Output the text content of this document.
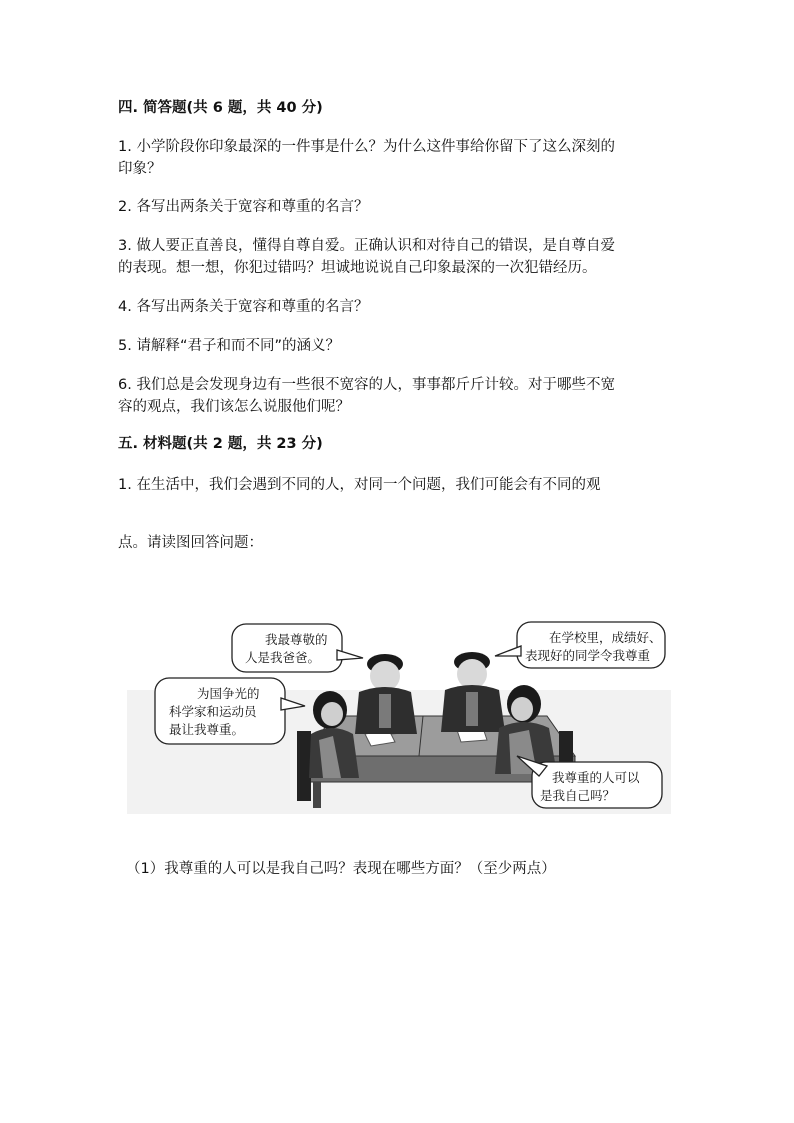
四. 简答题(共 6 题，共 40 分)
1. 小学阶段你印象最深的一件事是什么？为什么这件事给你留下了这么深刻的
印象？
2. 各写出两条关于宽容和尊重的名言？
3. 做人要正直善良，懂得自尊自爱。正确认识和对待自己的错误，是自尊自爱
的表现。想一想，你犯过错吗？坦诚地说说自己印象最深的一次犯错经历。
4. 各写出两条关于宽容和尊重的名言？
5. 请解释“君子和而不同”的涵义？
6. 我们总是会发现身边有一些很不宽容的人，事事都斤斤计较。对于哪些不宽
容的观点，我们该怎么说服他们呢？
五. 材料题(共 2 题，共 23 分)
1. 在生活中，我们会遇到不同的人，对同一个问题，我们可能会有不同的观
点。请读图回答问题：
我最尊敬的
人是我爸爸。
为国争光的
科学家和运动员
最让我尊重。
在学校里，成绩好、
表现好的同学令我尊重
我尊重的人可以
是我自己吗？
（1）我尊重的人可以是我自己吗？表现在哪些方面？（至少两点）
